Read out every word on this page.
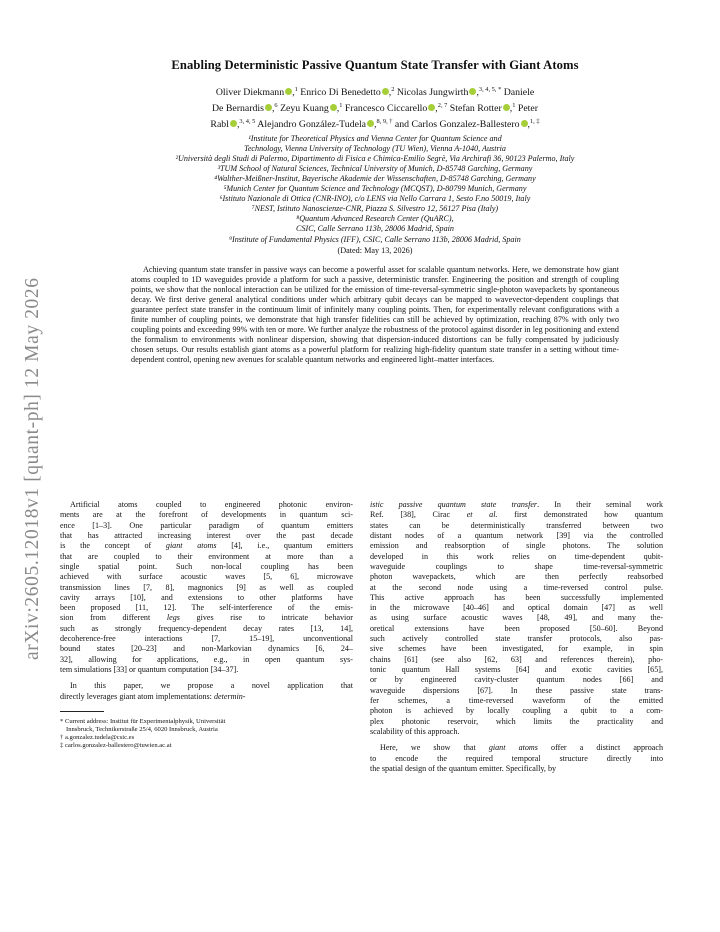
arXiv:2605.12018v1 [quant-ph] 12 May 2026
Enabling Deterministic Passive Quantum State Transfer with Giant Atoms
Oliver Diekmann ,$^1$ Enrico Di Benedetto ,$^2$ Nicolas Jungwirth ,$^{3, 4, 5, *}$ Daniele
De Bernardis ,$^6$ Zeyu Kuang ,$^1$ Francesco Ciccarello ,$^{2, 7}$ Stefan Rotter ,$^1$ Peter
Rabl ,$^{3, 4, 5}$ Alejandro González-Tudela ,$^{8, 9, \dagger}$ and Carlos Gonzalez-Ballestero ,$^{1, \ddagger}$
¹Institute for Theoretical Physics and Vienna Center for Quantum Science and
Technology, Vienna University of Technology (TU Wien), Vienna A-1040, Austria
²Università degli Studi di Palermo, Dipartimento di Fisica e Chimica-Emilio Segrè, Via Archirafi 36, 90123 Palermo, Italy
³TUM School of Natural Sciences, Technical University of Munich, D-85748 Garching, Germany
⁴Walther-Meißner-Institut, Bayerische Akademie der Wissenschaften, D-85748 Garching, Germany
⁵Munich Center for Quantum Science and Technology (MCQST), D-80799 Munich, Germany
⁶Istituto Nazionale di Ottica (CNR-INO), c/o LENS via Nello Carrara 1, Sesto F.no 50019, Italy
⁷NEST, Istituto Nanoscienze-CNR, Piazza S. Silvestro 12, 56127 Pisa (Italy)
⁸Quantum Advanced Research Center (QuARC),
CSIC, Calle Serrano 113b, 28006 Madrid, Spain
⁹Institute of Fundamental Physics (IFF), CSIC, Calle Serrano 113b, 28006 Madrid, Spain
(Dated: May 13, 2026)
Achieving quantum state transfer in passive ways can become a powerful asset for scalable quantum networks. Here, we demonstrate how giant atoms coupled to 1D waveguides provide a platform for such a passive, deterministic transfer. Engineering the position and strength of coupling points, we show that the nonlocal interaction can be utilized for the emission of time-reversal-symmetric single-photon wavepackets by spontaneous decay. We first derive general analytical conditions under which arbitrary qubit decays can be mapped to wavevector-dependent couplings that guarantee perfect state transfer in the continuum limit of infinitely many coupling points. Then, for experimentally relevant configurations with a finite number of coupling points, we demonstrate that high transfer fidelities can still be achieved by optimization, reaching 87% with only two coupling points and exceeding 99% with ten or more. We further analyze the robustness of the protocol against disorder in leg positioning and extend the formalism to environments with nonlinear dispersion, showing that dispersion-induced distortions can be fully compensated by judiciously chosen setups. Our results establish giant atoms as a powerful platform for realizing high-fidelity quantum state transfer in a setting without time-dependent control, opening new avenues for scalable quantum networks and engineered light–matter interfaces.
Artificial atoms coupled to engineered photonic environ-
ments are at the forefront of developments in quantum sci-
ence [1–3]. One particular paradigm of quantum emitters
that has attracted increasing interest over the past decade
is the concept of giant atoms [4], i.e., quantum emitters
that are coupled to their environment at more than a
single spatial point. Such non-local coupling has been
achieved with surface acoustic waves [5, 6], microwave
transmission lines [7, 8], magnonics [9] as well as coupled
cavity arrays [10], and extensions to other platforms have
been proposed [11, 12]. The self-interference of the emis-
sion from different legs gives rise to intricate behavior
such as strongly frequency-dependent decay rates [13, 14],
decoherence-free interactions [7, 15–19], unconventional
bound states [20–23] and non-Markovian dynamics [6, 24–
32], allowing for applications, e.g., in open quantum sys-
tem simulations [33] or quantum computation [34–37].
In this paper, we propose a novel application that
directly leverages giant atom implementations: determin-
* Current address: Institut für Experimentalphysik, Universität
Innsbruck, Technikerstraße 25/4, 6020 Innsbruck, Austria
† a.gonzalez.tudela@csic.es
‡ carlos.gonzalez-ballestero@tuwien.ac.at
istic passive quantum state transfer. In their seminal work
Ref. [38], Cirac et al. first demonstrated how quantum
states can be deterministically transferred between two
distant nodes of a quantum network [39] via the controlled
emission and reabsorption of single photons. The solution
developed in this work relies on time-dependent qubit-
waveguide couplings to shape time-reversal-symmetric
photon wavepackets, which are then perfectly reabsorbed
at the second node using a time-reversed control pulse.
This active approach has been successfully implemented
in the microwave [40–46] and optical domain [47] as well
as using surface acoustic waves [48, 49], and many the-
oretical extensions have been proposed [50–60]. Beyond
such actively controlled state transfer protocols, also pas-
sive schemes have been investigated, for example, in spin
chains [61] (see also [62, 63] and references therein), pho-
tonic quantum Hall systems [64] and exotic cavities [65],
or by engineered cavity-cluster quantum nodes [66] and
waveguide dispersions [67]. In these passive state trans-
fer schemes, a time-reversed waveform of the emitted
photon is achieved by locally coupling a qubit to a com-
plex photonic reservoir, which limits the practicality and
scalability of this approach.
Here, we show that giant atoms offer a distinct approach
to encode the required temporal structure directly into
the spatial design of the quantum emitter. Specifically, by
